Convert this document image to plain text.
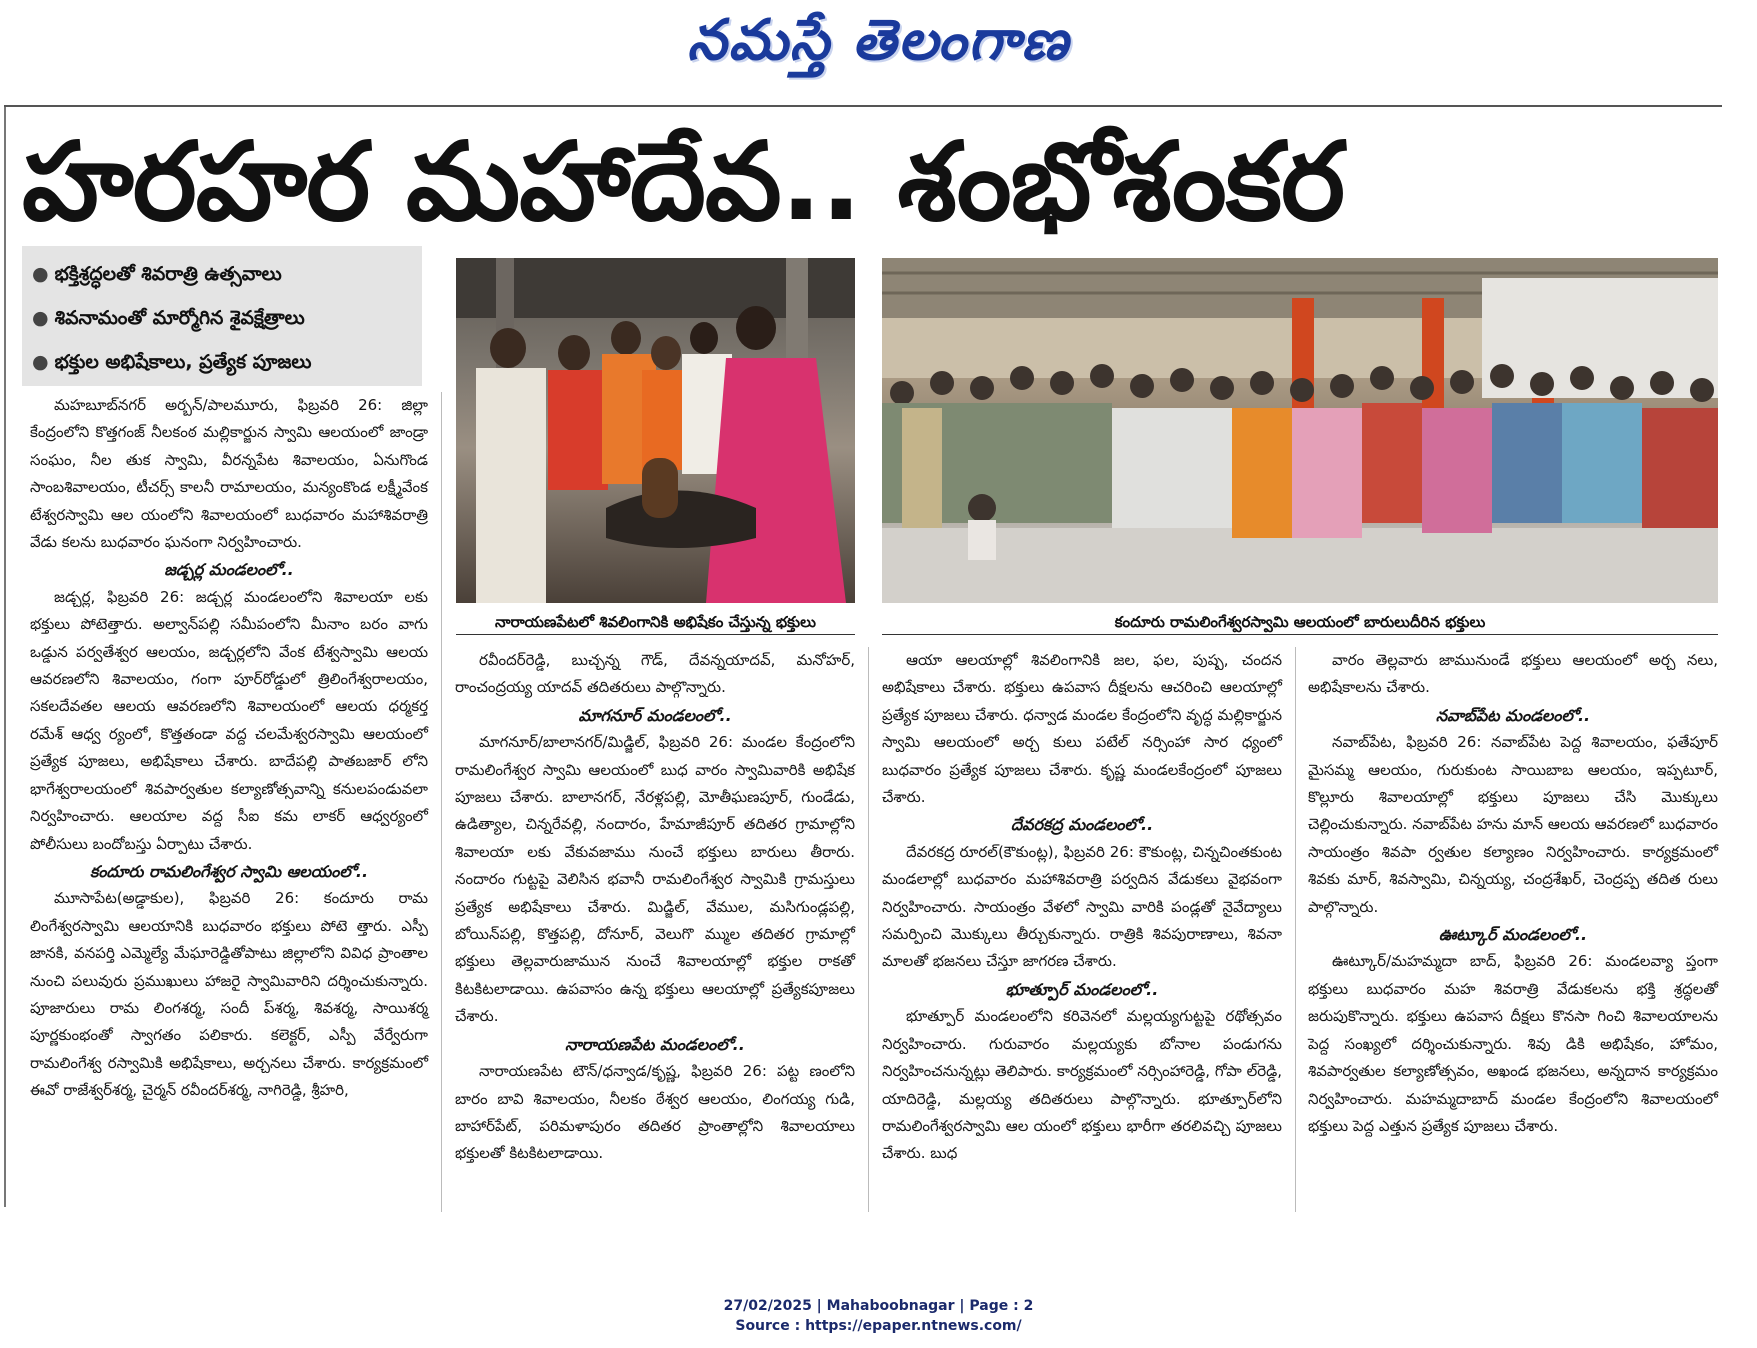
నమస్తే తెలంగాణ
హరహర మహాదేవ.. శంభోశంకర
● భక్తిశ్రద్ధలతో శివరాత్రి ఉత్సవాలు
● శివనామంతో మార్మోగిన శైవక్షేత్రాలు
● భక్తుల అభిషేకాలు, ప్రత్యేక పూజలు
నారాయణపేటలో శివలింగానికి అభిషేకం చేస్తున్న భక్తులు	కందూరు రామలింగేశ్వరస్వామి ఆలయంలో బారులుదీరిన భక్తులు

మహబూబ్‌నగర్ అర్బన్/పాలమూరు, ఫిబ్రవరి 26: జిల్లా కేంద్రంలోని కొత్తగంజ్ నీలకంఠ మల్లికార్జున స్వామి ఆలయంలో జాండ్రా సంఘం, నీల తుక స్వామి, వీరన్నపేట శివాలయం, ఏనుగొండ సాంబశివాలయం, టీచర్స్ కాలనీ రామాలయం, మన్యంకొండ లక్ష్మీవేంక టేశ్వరస్వామి ఆల యంలోని శివాలయంలో బుధవారం మహాశివరాత్రి వేడు కలను బుధవారం ఘనంగా నిర్వహించారు.

జడ్చర్ల మండలంలో..

జడ్చర్ల, ఫిబ్రవరి 26: జడ్చర్ల మండలంలోని శివాలయా లకు భక్తులు పోటెత్తారు. అల్వాన్‌పల్లి సమీపంలోని మీనాం బరం వాగు ఒడ్డున పర్వతేశ్వర ఆలయం, జడ్చర్లలోని వేంక టేశ్వస్వామి ఆలయ ఆవరణలోని శివాలయం, గంగా పూర్‌రోడ్డులో త్రిలింగేశ్వరాలయం, సకలదేవతల ఆలయ ఆవరణలోని శివాలయంలో ఆలయ ధర్మకర్త రమేశ్ ఆధ్వ ర్యంలో, కొత్తతండా వద్ద చలమేశ్వరస్వామి ఆలయంలో ప్రత్యేక పూజలు, అభిషేకాలు చేశారు. బాదేపల్లి పాతబజార్ లోని భాగేశ్వరాలయంలో శివపార్వతుల కల్యాణోత్సవాన్ని కనులపండువలా నిర్వహించారు. ఆలయాల వద్ద సీఐ కమ లాకర్ ఆధ్వర్యంలో పోలీసులు బందోబస్తు ఏర్పాటు చేశారు.

కందూరు రామలింగేశ్వర స్వామి ఆలయంలో..

మూసాపేట(అడ్డాకుల), ఫిబ్రవరి 26: కందూరు రామ లింగేశ్వరస్వామి ఆలయానికి బుధవారం భక్తులు పోటె త్తారు. ఎస్పీ జానకి, వనపర్తి ఎమ్మెల్యే మేఘారెడ్డితోపాటు జిల్లాలోని వివిధ ప్రాంతాల నుంచి పలువురు ప్రముఖులు హాజరై స్వామివారిని దర్శించుకున్నారు. పూజారులు రామ లింగశర్మ, సందీ ప్‌శర్మ, శివశర్మ, సాయిశర్మ పూర్ణకుంభంతో స్వాగతం పలికారు. కలెక్టర్, ఎస్పీ వేర్వేరుగా రామలింగేశ్వ రస్వామికి అభిషేకాలు, అర్చనలు చేశారు. కార్యక్రమంలో ఈవో రాజేశ్వర్‌శర్మ, చైర్మన్ రవీందర్‌శర్మ, నాగిరెడ్డి, శ్రీహరి,

రవీందర్‌రెడ్డి, బుచ్చన్న గౌడ్, దేవన్నయాదవ్, మనోహర్, రాంచంద్రయ్య యాదవ్ తదితరులు పాల్గొన్నారు.

మాగనూర్ మండలంలో..

మాగనూర్/బాలానగర్/మిడ్జిల్, ఫిబ్రవరి 26: మండల కేంద్రంలోని రామలింగేశ్వర స్వామి ఆలయంలో బుధ వారం స్వామివారికి అభిషేక పూజలు చేశారు. బాలానగర్, నేరళ్లపల్లి, మోతీఘణపూర్, గుండేడు, ఉడిత్యాల, చిన్నరేవల్లి, నందారం, హేమాజీపూర్ తదితర గ్రామాల్లోని శివాలయా లకు వేకువజాము నుంచే భక్తులు బారులు తీరారు. నందారం గుట్టపై వెలిసిన భవానీ రామలింగేశ్వర స్వామికి గ్రామస్తులు ప్రత్యేక అభిషేకాలు చేశారు. మిడ్జిల్, వేముల, మసిగుండ్లపల్లి, బోయిన్‌పల్లి, కొత్తపల్లి, దోనూర్, వెలుగొ మ్ముల తదితర గ్రామాల్లో భక్తులు తెల్లవారుజామున నుంచే శివాలయాల్లో భక్తుల రాకతో కిటకిటలాడాయి. ఉపవాసం ఉన్న భక్తులు ఆలయాల్లో ప్రత్యేకపూజలు చేశారు.

నారాయణపేట మండలంలో..

నారాయణపేట టౌన్/ధన్వాడ/కృష్ణ, ఫిబ్రవరి 26: పట్ట ణంలోని బారం బావి శివాలయం, నీలకం ఠేశ్వర ఆలయం, లింగయ్య గుడి, బాహార్‌పేట్, పరిమళాపురం తదితర ప్రాంతాల్లోని శివాలయాలు భక్తులతో కిటకిటలాడాయి.

ఆయా ఆలయాల్లో శివలింగానికి జల, ఫల, పుష్ప, చందన అభిషేకాలు చేశారు. భక్తులు ఉపవాస దీక్షలను ఆచరించి ఆలయాల్లో ప్రత్యేక పూజలు చేశారు. ధన్వాడ మండల కేంద్రంలోని వృద్ధ మల్లికార్జున స్వామి ఆలయంలో అర్చ కులు పటేల్ నర్సింహా సార ధ్యంలో బుధవారం ప్రత్యేక పూజలు చేశారు. కృష్ణ మండలకేంద్రంలో పూజలు చేశారు.

దేవరకద్ర మండలంలో..

దేవరకద్ర రూరల్(కౌకుంట్ల), ఫిబ్రవరి 26: కౌకుంట్ల, చిన్నచింతకుంట మండలాల్లో బుధవారం మహాశివరాత్రి పర్వదిన వేడుకలు వైభవంగా నిర్వహించారు. సాయంత్రం వేళలో స్వామి వారికి పండ్లతో నైవేద్యాలు సమర్పించి మొక్కులు తీర్చుకున్నారు. రాత్రికి శివపురాణాలు, శివనా మాలతో భజనలు చేస్తూ జాగరణ చేశారు.

భూత్పూర్ మండలంలో..

భూత్పూర్ మండలంలోని కరివెనలో మల్లయ్యగుట్టపై రథోత్సవం నిర్వహించారు. గురువారం మల్లయ్యకు బోనాల పండుగను నిర్వహించనున్నట్లు తెలిపారు. కార్యక్రమంలో నర్సింహారెడ్డి, గోపా ల్‌రెడ్డి, యాదిరెడ్డి, మల్లయ్య తదితరులు పాల్గొన్నారు. భూత్పూర్‌లోని రామలింగేశ్వరస్వామి ఆల యంలో భక్తులు భారీగా తరలివచ్చి పూజలు చేశారు. బుధ

వారం తెల్లవారు జామునుండే భక్తులు ఆలయంలో అర్చ నలు, అభిషేకాలను చేశారు.

నవాబ్‌పేట మండలంలో..

నవాబ్‌పేట, ఫిబ్రవరి 26: నవాబ్‌పేట పెద్ద శివాలయం, ఫతేపూర్ మైసమ్మ ఆలయం, గురుకుంట సాయిబాబ ఆలయం, ఇప్పటూర్, కొల్లూరు శివాలయాల్లో భక్తులు పూజలు చేసి మొక్కులు చెల్లించుకున్నారు. నవాబ్‌పేట హను మాన్ ఆలయ ఆవరణలో బుధవారం సాయంత్రం శివపా ర్వతుల కల్యాణం నిర్వహించారు. కార్యక్రమంలో శివకు మార్, శివస్వామి, చిన్నయ్య, చంద్రశేఖర్, చెంద్రప్ప తదిత రులు పాల్గొన్నారు.

ఊట్కూర్ మండలంలో..

ఊట్కూర్/మహమ్మదా బాద్, ఫిబ్రవరి 26: మండలవ్యా ప్తంగా భక్తులు బుధవారం మహ శివరాత్రి వేడుకలను భక్తి శ్రద్ధలతో జరుపుకొన్నారు. భక్తులు ఉపవాస దీక్షలు కొనసా గించి శివాలయాలను పెద్ద సంఖ్యలో దర్శించుకున్నారు. శివు డికి అభిషేకం, హోమం, శివపార్వతుల కల్యాణోత్సవం, అఖండ భజనలు, అన్నదాన కార్యక్రమం నిర్వహించారు. మహమ్మదాబాద్ మండల కేంద్రంలోని శివాలయంలో భక్తులు పెద్ద ఎత్తున ప్రత్యేక పూజలు చేశారు.

27/02/2025 | Mahaboobnagar | Page : 2
Source : https://epaper.ntnews.com/
